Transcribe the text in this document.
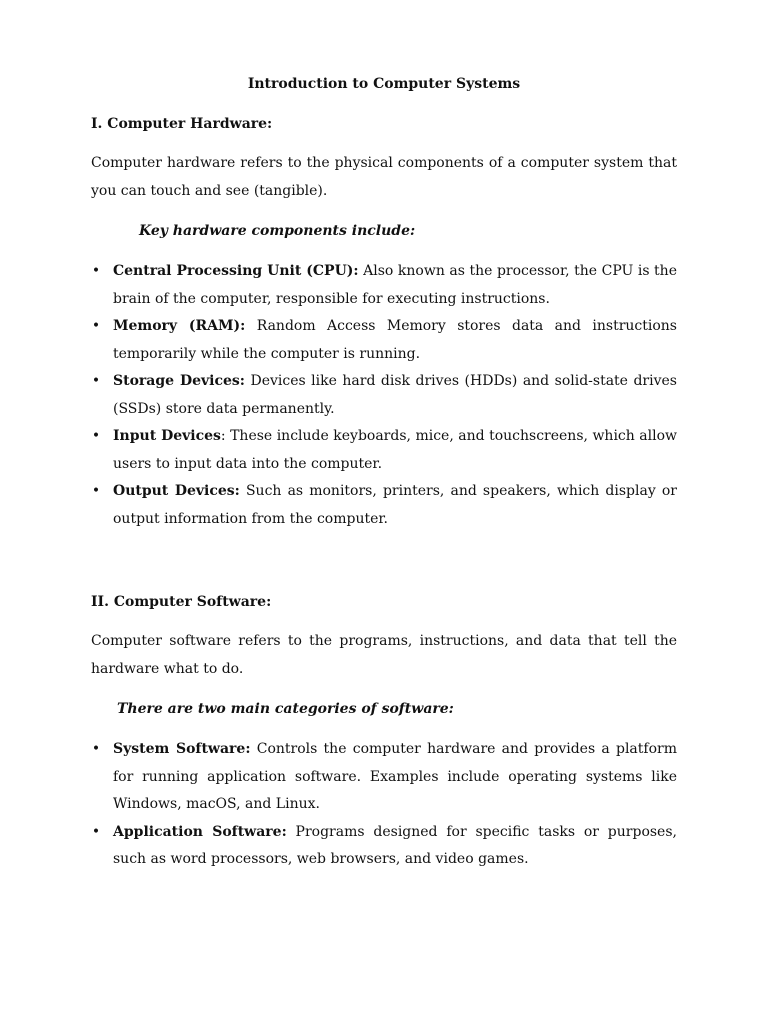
Introduction to Computer Systems
I. Computer Hardware:

Computer hardware refers to the physical components of a computer system that you can touch and see (tangible).

Key hardware components include:

• Central Processing Unit (CPU): Also known as the processor, the CPU is the brain of the computer, responsible for executing instructions.
• Memory (RAM): Random Access Memory stores data and instructions temporarily while the computer is running.
• Storage Devices: Devices like hard disk drives (HDDs) and solid-state drives (SSDs) store data permanently.
• Input Devices: These include keyboards, mice, and touchscreens, which allow users to input data into the computer.
• Output Devices: Such as monitors, printers, and speakers, which display or output information from the computer.
II. Computer Software:

Computer software refers to the programs, instructions, and data that tell the hardware what to do.

There are two main categories of software:

• System Software: Controls the computer hardware and provides a platform for running application software. Examples include operating systems like Windows, macOS, and Linux.
• Application Software: Programs designed for specific tasks or purposes, such as word processors, web browsers, and video games.
